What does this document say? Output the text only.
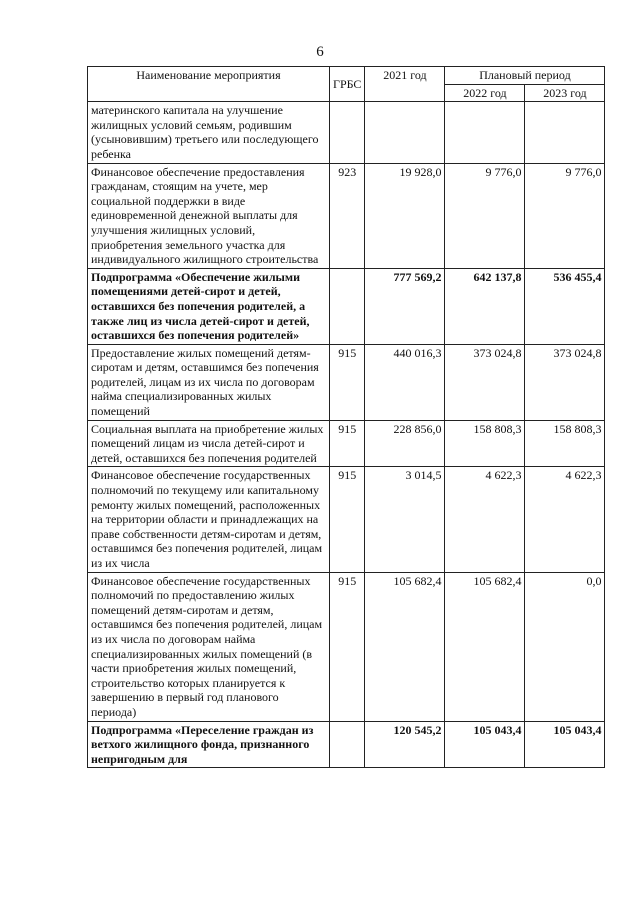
6
Наименование мероприятия	ГРБС	2021 год	Плановый период	
			2022 год	2023 год
материнского капитала на улучшение жилищных условий семьям, родившим (усыновившим) третьего или последующего ребенка				
Финансовое обеспечение предоставления гражданам, стоящим на учете, мер социальной поддержки в виде единовременной денежной выплаты для улучшения жилищных условий, приобретения земельного участка для индивидуального жилищного строительства	923	19 928,0	9 776,0	9 776,0
Подпрограмма «Обеспечение жилыми помещениями детей-сирот и детей, оставшихся без попечения родителей, а также лиц из числа детей-сирот и детей, оставшихся без попечения родителей»		777 569,2	642 137,8	536 455,4
Предоставление жилых помещений детям-сиротам и детям, оставшимся без попечения родителей, лицам из их числа по договорам найма специализированных жилых помещений	915	440 016,3	373 024,8	373 024,8
Социальная выплата на приобретение жилых помещений лицам из числа детей-сирот и детей, оставшихся без попечения родителей	915	228 856,0	158 808,3	158 808,3
Финансовое обеспечение государственных полномочий по текущему или капитальному ремонту жилых помещений, расположенных на территории области и принадлежащих на праве собственности детям-сиротам и детям, оставшимся без попечения родителей, лицам из их числа	915	3 014,5	4 622,3	4 622,3
Финансовое обеспечение государственных полномочий по предоставлению жилых помещений детям-сиротам и детям, оставшимся без попечения родителей, лицам из их числа по договорам найма специализированных жилых помещений (в части приобретения жилых помещений, строительство которых планируется к завершению в первый год планового периода)	915	105 682,4	105 682,4	0,0
Подпрограмма «Переселение граждан из ветхого жилищного фонда, признанного непригодным для		120 545,2	105 043,4	105 043,4
